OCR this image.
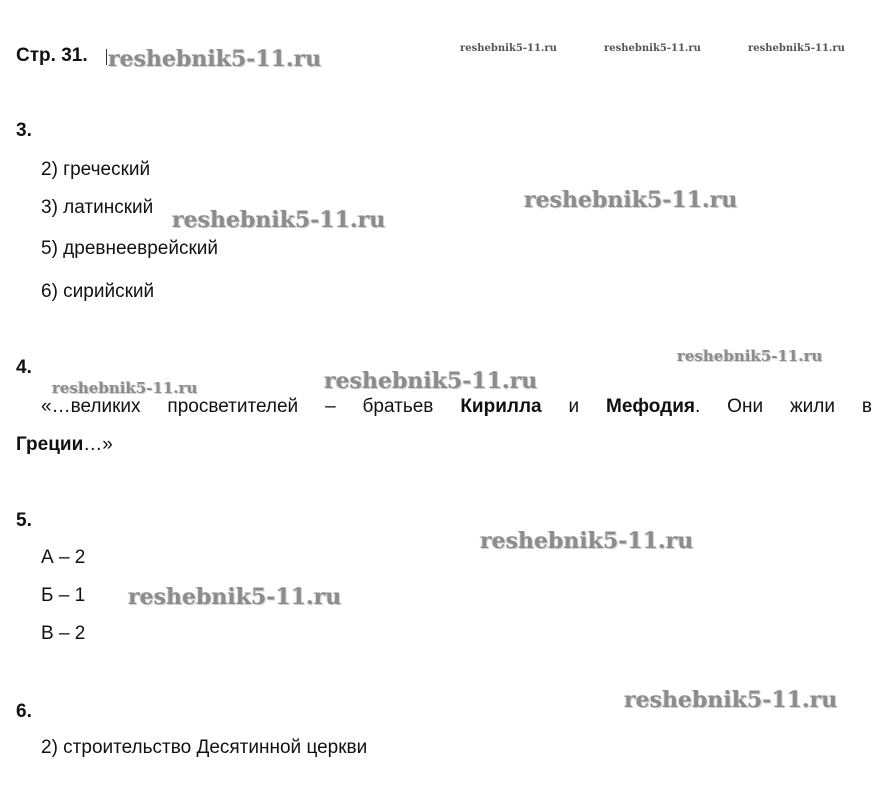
Стр. 31.
3.
2) греческий
3) латинский
5) древнееврейский
6) сирийский
4.
«…великих просветителей – братьев Кирилла и Мефодия. Они жили в
Греции…»
5.
А – 2
Б – 1
В – 2
6.
2) строительство Десятинной церкви
reshebnik5-11.ru	reshebnik5-11.ru	reshebnik5-11.ru	reshebnik5-11.ru
reshebnik5-11.ru
reshebnik5-11.ru
reshebnik5-11.ru
reshebnik5-11.ru	reshebnik5-11.ru
reshebnik5-11.ru
reshebnik5-11.ru
reshebnik5-11.ru
